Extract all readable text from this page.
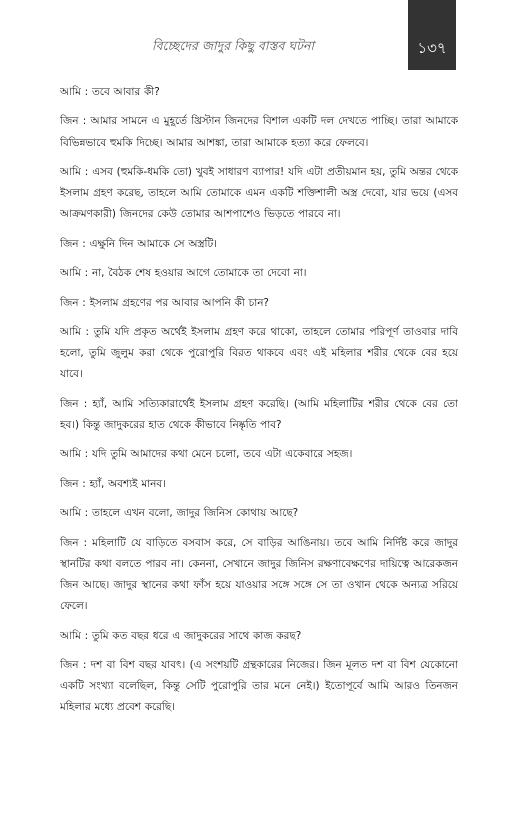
বিচ্ছেদের জাদুর কিছু বাস্তব ঘটনা	১৩৭

আমি : তবে আবার কী?

জিন : আমার সামনে এ মুহূর্তে খ্রিস্টান জিনদের বিশাল একটি দল দেখতে পাচ্ছি। তারা আমাকে বিভিন্নভাবে হুমকি দিচ্ছে। আমার আশঙ্কা, তারা আমাকে হত্যা করে ফেলবে।

আমি : এসব (হুমকি-ধমকি তো) খুবই সাধারণ ব্যাপার! যদি এটা প্রতীয়মান হয়, তুমি অন্তর থেকে ইসলাম গ্রহণ করেছ, তাহলে আমি তোমাকে এমন একটি শক্তিশালী অস্ত্র দেবো, যার ভয়ে (এসব আক্রমণকারী) জিনদের কেউ তোমার আশপাশেও ভিড়তে পারবে না।

জিন : এক্ষুনি দিন আমাকে সে অস্ত্রটি।

আমি : না, বৈঠক শেষ হওয়ার আগে তোমাকে তা দেবো না।

জিন : ইসলাম গ্রহণের পর আবার আপনি কী চান?

আমি : তুমি যদি প্রকৃত অর্থেই ইসলাম গ্রহণ করে থাকো, তাহলে তোমার পরিপূর্ণ তাওবার দাবি হলো, তুমি জুলুম করা থেকে পুরোপুরি বিরত থাকবে এবং এই মহিলার শরীর থেকে বের হয়ে যাবে।

জিন : হ্যাঁ, আমি সত্যিকারার্থেই ইসলাম গ্রহণ করেছি। (আমি মহিলাটির শরীর থেকে বের তো হব।) কিন্তু জাদুকরের হাত থেকে কীভাবে নিষ্কৃতি পাব?

আমি : যদি তুমি আমাদের কথা মেনে চলো, তবে এটা একেবারে সহজ।

জিন : হ্যাঁ, অবশ্যই মানব।

আমি : তাহলে এখন বলো, জাদুর জিনিস কোথায় আছে?

জিন : মহিলাটি যে বাড়িতে বসবাস করে, সে বাড়ির আঙিনায়। তবে আমি নির্দিষ্ট করে জাদুর স্থানটির কথা বলতে পারব না। কেননা, সেখানে জাদুর জিনিস রক্ষণাবেক্ষণের দায়িত্বে আরেকজন জিন আছে। জাদুর স্থানের কথা ফাঁস হয়ে যাওয়ার সঙ্গে সঙ্গে সে তা ওখান থেকে অন্যত্র সরিয়ে ফেলে।

আমি : তুমি কত বছর ধরে এ জাদুকরের সাথে কাজ করছ?

জিন : দশ বা বিশ বছর যাবৎ। (এ সংশয়টি গ্রন্থকারের নিজের। জিন মূলত দশ বা বিশ যেকোনো একটি সংখ্যা বলেছিল, কিন্তু সেটি পুরোপুরি তার মনে নেই।) ইতোপূর্বে আমি আরও তিনজন মহিলার মধ্যে প্রবেশ করেছি।
